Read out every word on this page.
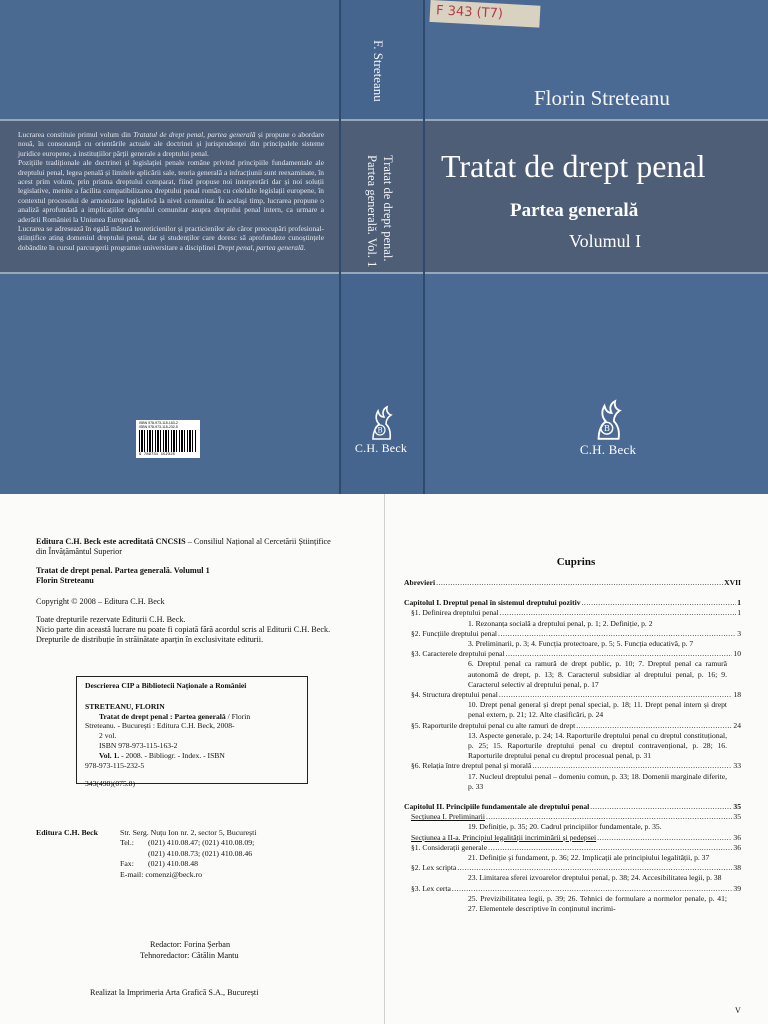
Lucrarea constituie primul volum din Tratatul de drept penal, partea generală și propune o abordare nouă, în consonanță cu orientările actuale ale doctrinei și jurisprudenței din principalele sisteme juridice europene, a instituțiilor părții generale a dreptului penal.

Pozițiile tradiționale ale doctrinei și legislației penale române privind principiile fundamentale ale dreptului penal, legea penală și limitele aplicării sale, teoria generală a infracțiunii sunt reexaminate, în acest prim volum, prin prisma dreptului comparat, fiind propuse noi interpretări dar și noi soluții legislative, menite a facilita compatibilizarea dreptului penal român cu celelalte legislații europene, în contextul procesului de armonizare legislativă la nivel comunitar. În același timp, lucrarea propune o analiză aprofundată a implicațiilor dreptului comunitar asupra dreptului penal intern, ca urmare a aderării României la Uniunea Europeană.

Lucrarea se adresează în egală măsură teoreticienilor și practicienilor ale căror preocupări profesional-științifice ating domeniul dreptului penal, dar și studenților care doresc să aprofundeze cunoștințele dobândite în cursul parcurgerii programei universitare a disciplinei Drept penal, partea generală.

ISBN 978-973-115-163-2
ISBN 978-973-115-232-5
9 789731 152325
F. Streteanu
Tratat de drept penal.
Partea generală. Vol. 1
B
C.H. Beck
F 343 (T7)
Florin Streteanu
Tratat de drept penal
Partea generală
Volumul I
B
C.H. Beck
Editura C.H. Beck este acreditată CNCSIS – Consiliul Național al Cercetării Științifice
din Învățământul Superior
Tratat de drept penal. Partea generală. Volumul 1
Florin Streteanu
Copyright © 2008 – Editura C.H. Beck
Toate drepturile rezervate Editurii C.H. Beck.
Nicio parte din această lucrare nu poate fi copiată fără acordul scris al Editurii C.H. Beck.
Drepturile de distribuție în străinătate aparțin în exclusivitate editurii.
Descrierea CIP a Bibliotecii Naționale a României
STRETEANU, FLORIN
Tratat de drept penal : Partea generală / Florin
Streteanu. - București : Editura C.H. Beck, 2008-
2 vol.
ISBN 978-973-115-163-2
Vol. 1. - 2008. - Bibliogr. - Index. - ISBN
978-973-115-232-5
343(498)(075.8)
Editura C.H. Beck	Str. Serg. Nuțu Ion nr. 2, sector 5, București
Tel.: (021) 410.08.47; (021) 410.08.09;
(021) 410.08.73; (021) 410.08.46
Fax: (021) 410.08.48
E-mail: comenzi@beck.ro
Redactor: Forina Șerban
Tehnoredactor: Cătălin Mantu
Realizat la Imprimeria Arta Grafică S.A., București
Cuprins
Abrevieri .....	XVII
Capitolul I. Dreptul penal în sistemul dreptului pozitiv .....	1
§1. Definirea dreptului penal .....	1
1. Rezonanța socială a dreptului penal, p. 1; 2. Definiție, p. 2
§2. Funcțiile dreptului penal .....	3
3. Preliminarii, p. 3; 4. Funcția protectoare, p. 5; 5. Funcția educativă, p. 7
§3. Caracterele dreptului penal .....	10
6. Dreptul penal ca ramură de drept public, p. 10; 7. Dreptul penal ca ramură autonomă de drept, p. 13; 8. Caracterul subsidiar al dreptului penal, p. 16; 9. Caracterul selectiv al dreptului penal, p. 17
§4. Structura dreptului penal .....	18
10. Drept penal general și drept penal special, p. 18; 11. Drept penal intern și drept penal extern, p. 21; 12. Alte clasificări, p. 24
§5. Raporturile dreptului penal cu alte ramuri de drept .....	24
13. Aspecte generale, p. 24; 14. Raporturile dreptului penal cu dreptul constituțional, p. 25; 15. Raporturile dreptului penal cu dreptul contravențional, p. 28; 16. Raporturile dreptului penal cu dreptul procesual penal, p. 31
§6. Relația între dreptul penal și morală .....	33
17. Nucleul dreptului penal – domeniu comun, p. 33; 18. Domenii marginale diferite, p. 33
Capitolul II. Principiile fundamentale ale dreptului penal .....	35
Secțiunea I. Preliminarii .....	35
19. Definiție, p. 35; 20. Cadrul principiilor fundamentale, p. 35.
Secțiunea a II-a. Principiul legalității incriminării și pedepsei .....	36
§1. Considerații generale .....	36
21. Definiție și fundament, p. 36; 22. Implicații ale principiului legalității, p. 37
§2. Lex scripta .....	38
23. Limitarea sferei izvoarelor dreptului penal, p. 38; 24. Accesibilitatea legii, p. 38
§3. Lex certa .....	39
25. Previzibilitatea legii, p. 39; 26. Tehnici de formulare a normelor penale, p. 41; 27. Elementele descriptive în conținutul incrimi-
V
